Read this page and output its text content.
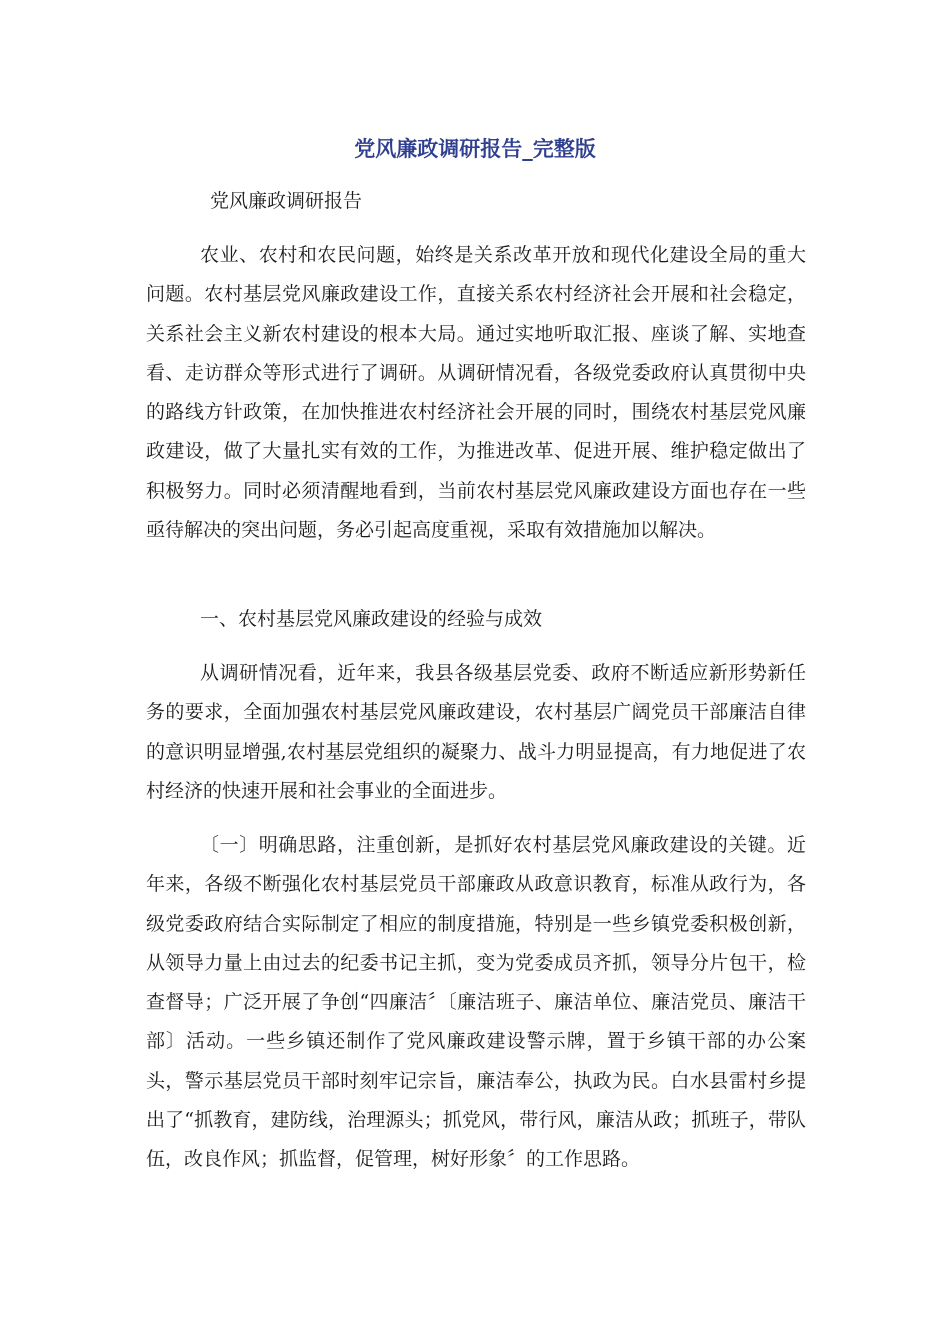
党风廉政调研报告_完整版

党风廉政调研报告

农业、农村和农民问题，始终是关系改革开放和现代化建设全局的重大问题。农村基层党风廉政建设工作，直接关系农村经济社会开展和社会稳定，关系社会主义新农村建设的根本大局。通过实地听取汇报、座谈了解、实地查看、走访群众等形式进行了调研。从调研情况看，各级党委政府认真贯彻中央的路线方针政策，在加快推进农村经济社会开展的同时，围绕农村基层党风廉政建设，做了大量扎实有效的工作，为推进改革、促进开展、维护稳定做出了积极努力。同时必须清醒地看到，当前农村基层党风廉政建设方面也存在一些亟待解决的突出问题，务必引起高度重视，采取有效措施加以解决。

一、农村基层党风廉政建设的经验与成效

从调研情况看，近年来，我县各级基层党委、政府不断适应新形势新任务的要求，全面加强农村基层党风廉政建设，农村基层广阔党员干部廉洁自律的意识明显增强,农村基层党组织的凝聚力、战斗力明显提高，有力地促进了农村经济的快速开展和社会事业的全面进步。

〔一〕明确思路，注重创新，是抓好农村基层党风廉政建设的关键。近年来，各级不断强化农村基层党员干部廉政从政意识教育，标准从政行为，各级党委政府结合实际制定了相应的制度措施，特别是一些乡镇党委积极创新，从领导力量上由过去的纪委书记主抓，变为党委成员齐抓，领导分片包干，检查督导；广泛开展了争创“四廉洁〞〔廉洁班子、廉洁单位、廉洁党员、廉洁干部〕活动。一些乡镇还制作了党风廉政建设警示牌，置于乡镇干部的办公案头，警示基层党员干部时刻牢记宗旨，廉洁奉公，执政为民。白水县雷村乡提出了“抓教育，建防线，治理源头；抓党风，带行风，廉洁从政；抓班子，带队伍，改良作风；抓监督，促管理，树好形象〞的工作思路。
